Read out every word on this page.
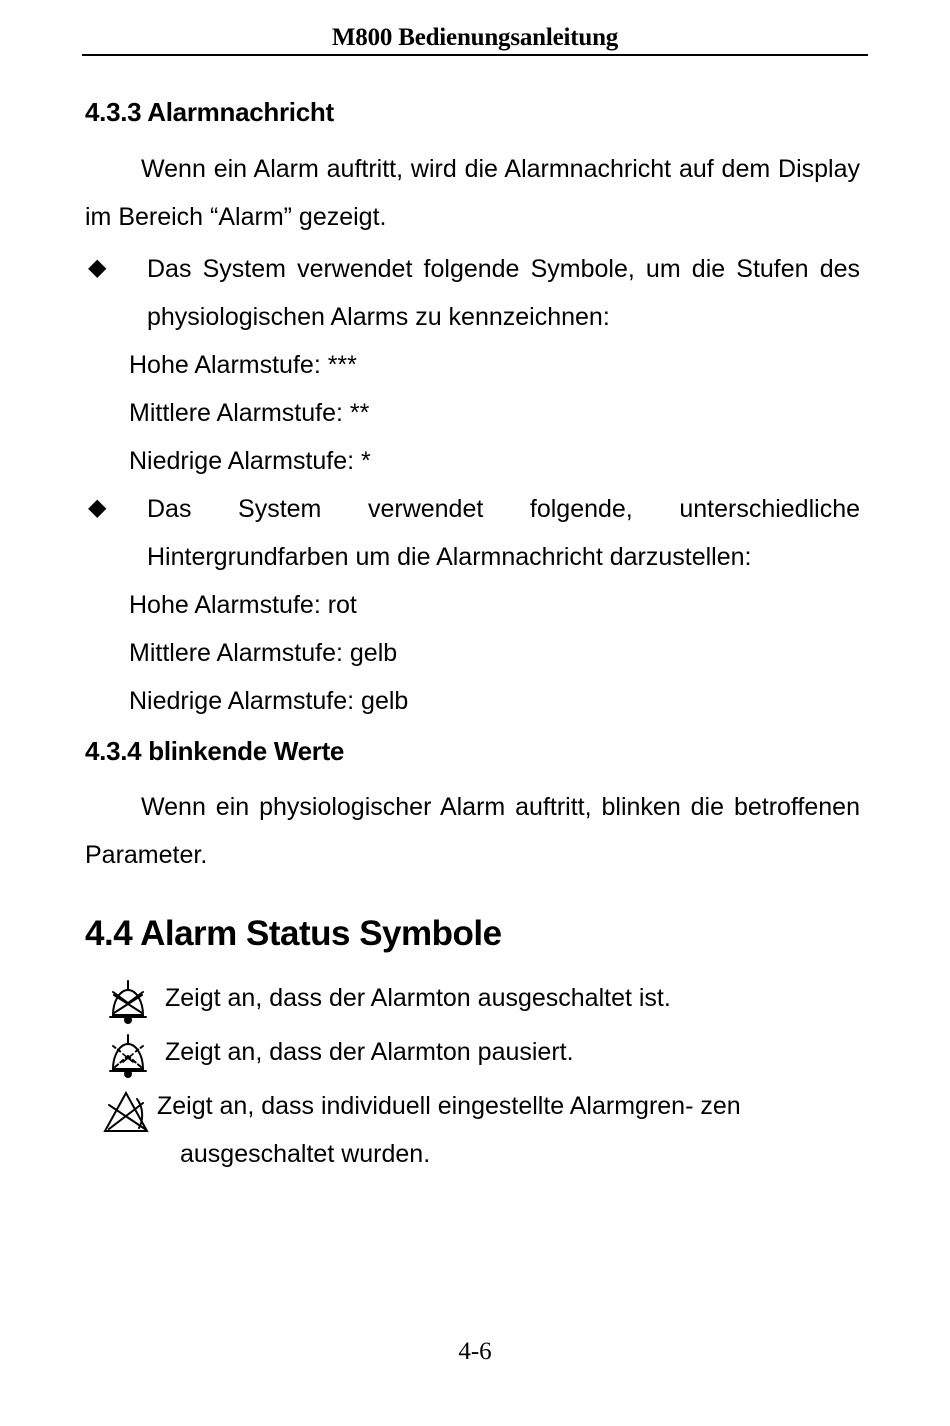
M800 Bedienungsanleitung
4.3.3 Alarmnachricht

Wenn ein Alarm auftritt, wird die Alarmnachricht auf dem Display im Bereich “Alarm” gezeigt.

◆ Das System verwendet folgende Symbole, um die Stufen des physiologischen Alarms zu kennzeichnen:

Hohe Alarmstufe: ***

Mittlere Alarmstufe: **

Niedrige Alarmstufe: *

◆ Das System verwendet folgende, unterschiedliche Hintergrundfarben um die Alarmnachricht darzustellen:

Hohe Alarmstufe: rot

Mittlere Alarmstufe: gelb

Niedrige Alarmstufe: gelb

4.3.4 blinkende Werte

Wenn ein physiologischer Alarm auftritt, blinken die betroffenen Parameter.

4.4 Alarm Status Symbole
Zeigt an, dass der Alarmton ausgeschaltet ist.
Zeigt an, dass der Alarmton pausiert.
Zeigt an, dass individuell eingestellte Alarmgren- zen
ausgeschaltet wurden.
4-6
